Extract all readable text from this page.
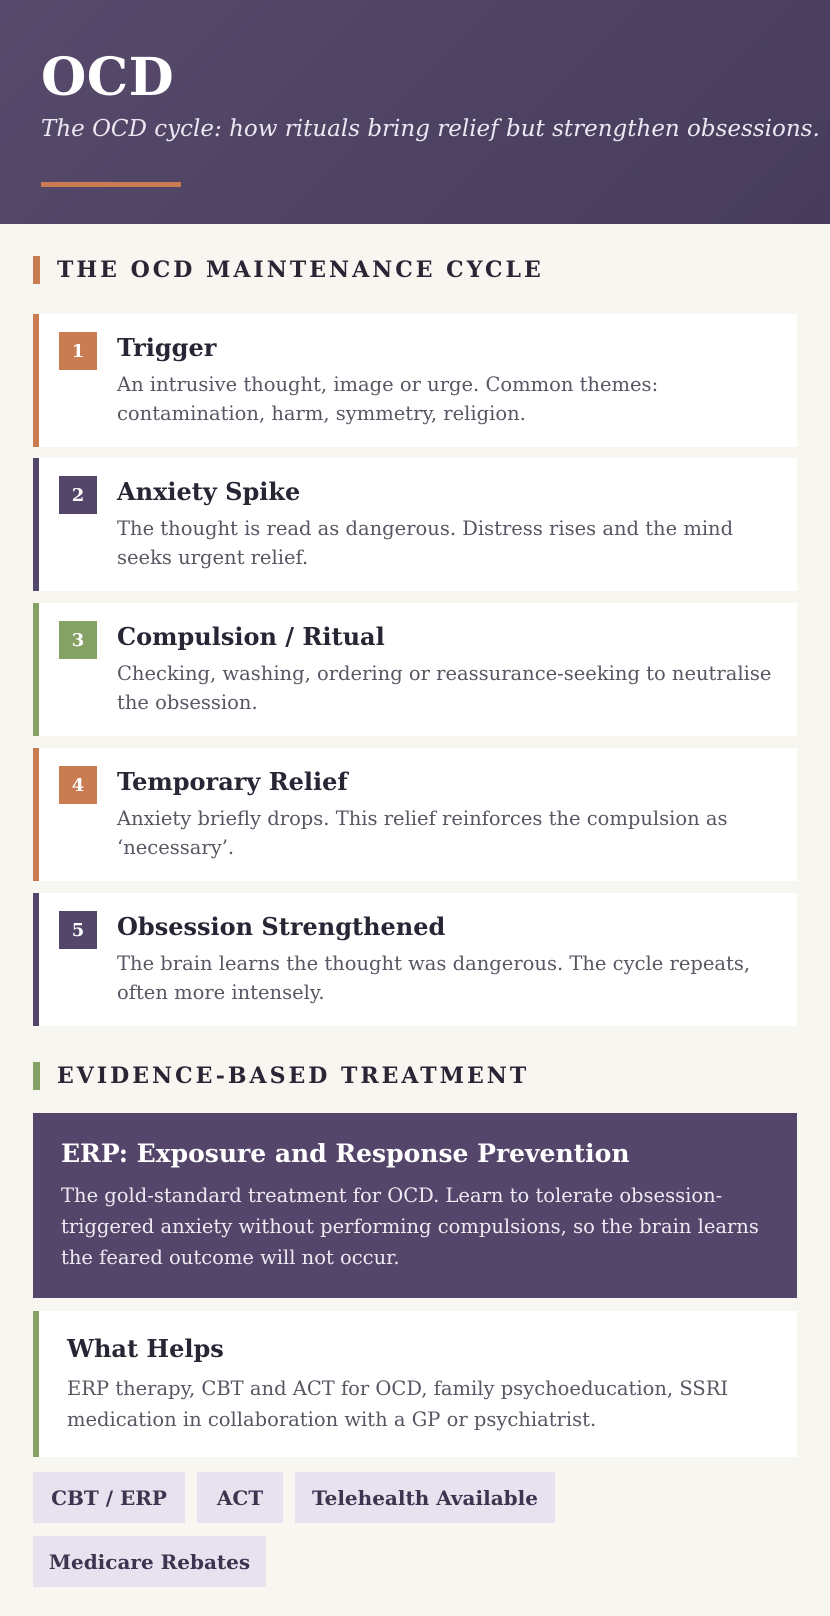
OCD

The OCD cycle: how rituals bring relief but strengthen obsessions.

THE OCD MAINTENANCE CYCLE
1	Trigger
An intrusive thought, image or urge. Common themes: contamination, harm, symmetry, religion.
2	Anxiety Spike
The thought is read as dangerous. Distress rises and the mind seeks urgent relief.
3	Compulsion / Ritual
Checking, washing, ordering or reassurance-seeking to neutralise the obsession.
4	Temporary Relief
Anxiety briefly drops. This relief reinforces the compulsion as ‘necessary’.
5	Obsession Strengthened
The brain learns the thought was dangerous. The cycle repeats, often more intensely.
EVIDENCE-BASED TREATMENT
ERP: Exposure and Response Prevention
The gold-standard treatment for OCD. Learn to tolerate obsession-triggered anxiety without performing compulsions, so the brain learns the feared outcome will not occur.
What Helps
ERP therapy, CBT and ACT for OCD, family psychoeducation, SSRI medication in collaboration with a GP or psychiatrist.
CBT / ERP	ACT	Telehealth Available
Medicare Rebates
